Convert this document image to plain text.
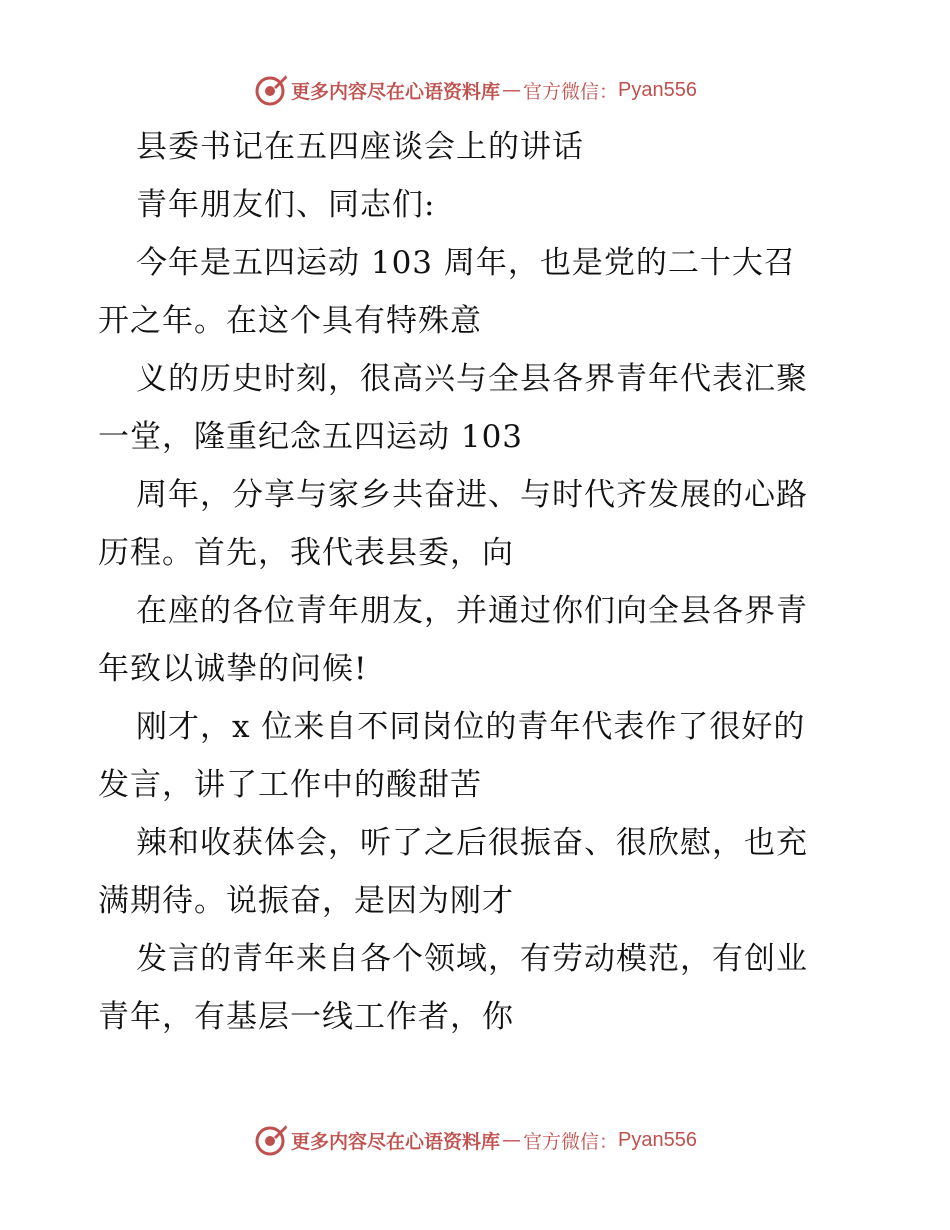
更多内容尽在心语资料库 — 官方微信： Pyan556
县委书记在五四座谈会上的讲话
青年朋友们、同志们:
今年是五四运动 103 周年，也是党的二十大召
开之年。在这个具有特殊意
义的历史时刻，很高兴与全县各界青年代表汇聚
一堂，隆重纪念五四运动 103
周年，分享与家乡共奋进、与时代齐发展的心路
历程。首先，我代表县委，向
在座的各位青年朋友，并通过你们向全县各界青
年致以诚挚的问候!
刚才，x 位来自不同岗位的青年代表作了很好的
发言，讲了工作中的酸甜苦
辣和收获体会，听了之后很振奋、很欣慰，也充
满期待。说振奋，是因为刚才
发言的青年来自各个领域，有劳动模范，有创业
青年，有基层一线工作者，你
更多内容尽在心语资料库 — 官方微信： Pyan556
